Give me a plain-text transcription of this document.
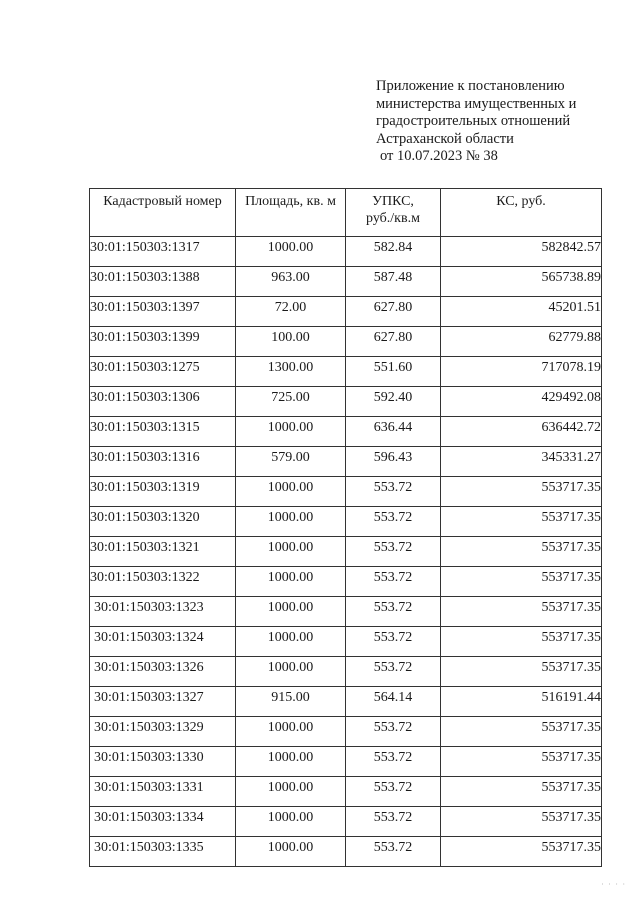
Приложение к постановлению
министерства имущественных и
градостроительных отношений
Астраханской области
от 10.07.2023 № 38
Кадастровый номер	Площадь, кв. м	УПКС,
руб./кв.м	КС, руб.
30:01:150303:1317	1000.00	582.84	582842.57
30:01:150303:1388	963.00	587.48	565738.89
30:01:150303:1397	72.00	627.80	45201.51
30:01:150303:1399	100.00	627.80	62779.88
30:01:150303:1275	1300.00	551.60	717078.19
30:01:150303:1306	725.00	592.40	429492.08
30:01:150303:1315	1000.00	636.44	636442.72
30:01:150303:1316	579.00	596.43	345331.27
30:01:150303:1319	1000.00	553.72	553717.35
30:01:150303:1320	1000.00	553.72	553717.35
30:01:150303:1321	1000.00	553.72	553717.35
30:01:150303:1322	1000.00	553.72	553717.35
30:01:150303:1323	1000.00	553.72	553717.35
30:01:150303:1324	1000.00	553.72	553717.35
30:01:150303:1326	1000.00	553.72	553717.35
30:01:150303:1327	915.00	564.14	516191.44
30:01:150303:1329	1000.00	553.72	553717.35
30:01:150303:1330	1000.00	553.72	553717.35
30:01:150303:1331	1000.00	553.72	553717.35
30:01:150303:1334	1000.00	553.72	553717.35
30:01:150303:1335	1000.00	553.72	553717.35
· · · ·
